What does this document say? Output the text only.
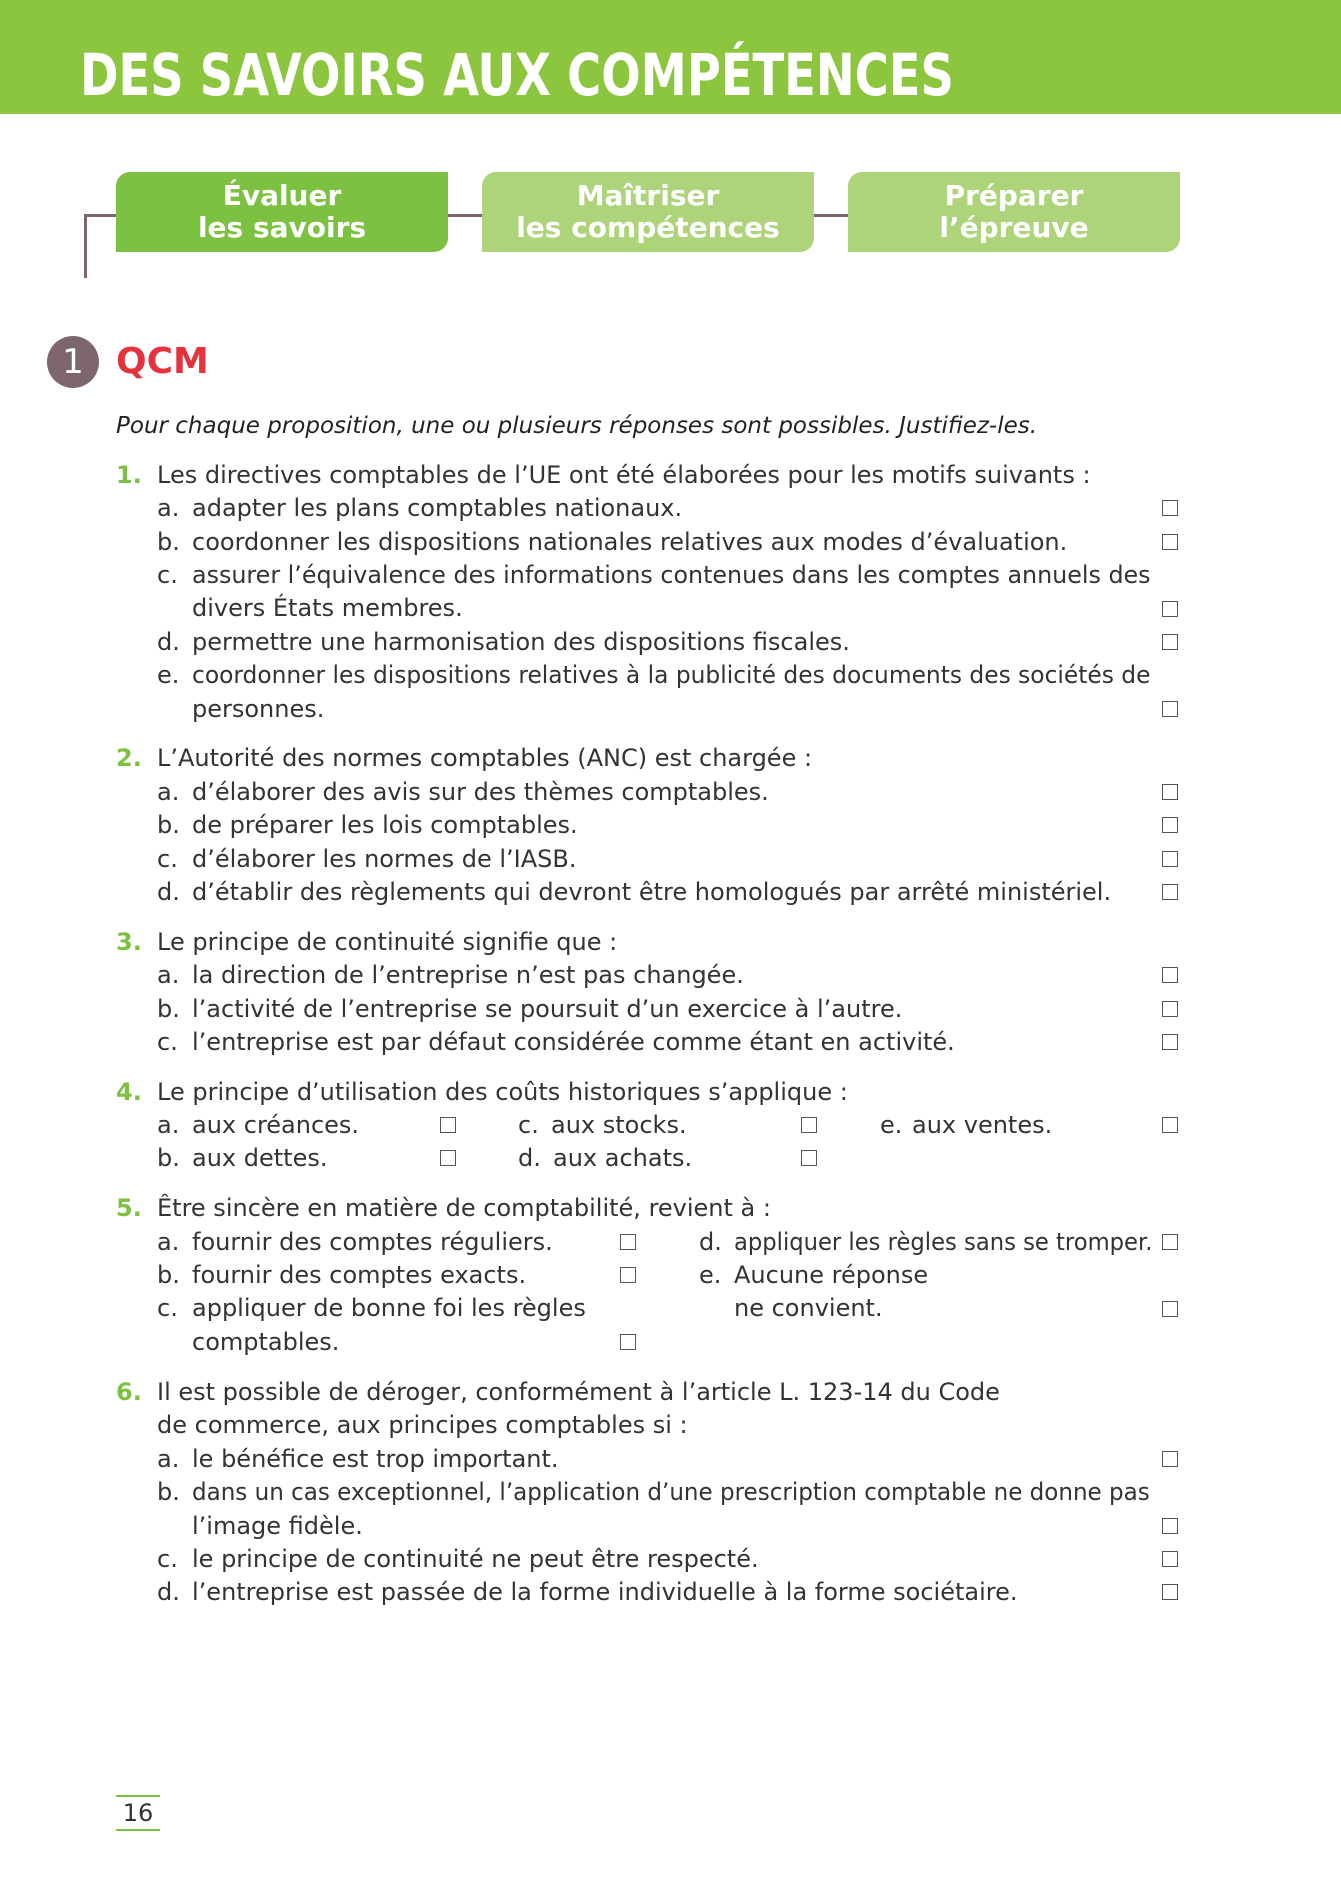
DES SAVOIRS AUX COMPÉTENCES
Évaluer
les savoirs
Maîtriser
les compétences
Préparer
l’épreuve
1 QCM

Pour chaque proposition, une ou plusieurs réponses sont possibles. Justifiez-les.

1. Les directives comptables de l’UE ont été élaborées pour les motifs suivants :
a. adapter les plans comptables nationaux.
b. coordonner les dispositions nationales relatives aux modes d’évaluation.
c. assurer l’équivalence des informations contenues dans les comptes annuels des
divers États membres.
d. permettre une harmonisation des dispositions fiscales.
e. coordonner les dispositions relatives à la publicité des documents des sociétés de
personnes.
2. L’Autorité des normes comptables (ANC) est chargée :
a. d’élaborer des avis sur des thèmes comptables.
b. de préparer les lois comptables.
c. d’élaborer les normes de l’IASB.
d. d’établir des règlements qui devront être homologués par arrêté ministériel.
3. Le principe de continuité signifie que :
a. la direction de l’entreprise n’est pas changée.
b. l’activité de l’entreprise se poursuit d’un exercice à l’autre.
c. l’entreprise est par défaut considérée comme étant en activité.
4. Le principe d’utilisation des coûts historiques s’applique :
a. aux créances.
b. aux dettes.
c. aux stocks.
d. aux achats.
e. aux ventes.
5. Être sincère en matière de comptabilité, revient à :
a. fournir des comptes réguliers.
b. fournir des comptes exacts.
c. appliquer de bonne foi les règles
comptables.
d. appliquer les règles sans se tromper.
e. Aucune réponse
ne convient.
6. Il est possible de déroger, conformément à l’article L. 123-14 du Code
de commerce, aux principes comptables si :
a. le bénéfice est trop important.
b. dans un cas exceptionnel, l’application d’une prescription comptable ne donne pas
l’image fidèle.
c. le principe de continuité ne peut être respecté.
d. l’entreprise est passée de la forme individuelle à la forme sociétaire.
16
